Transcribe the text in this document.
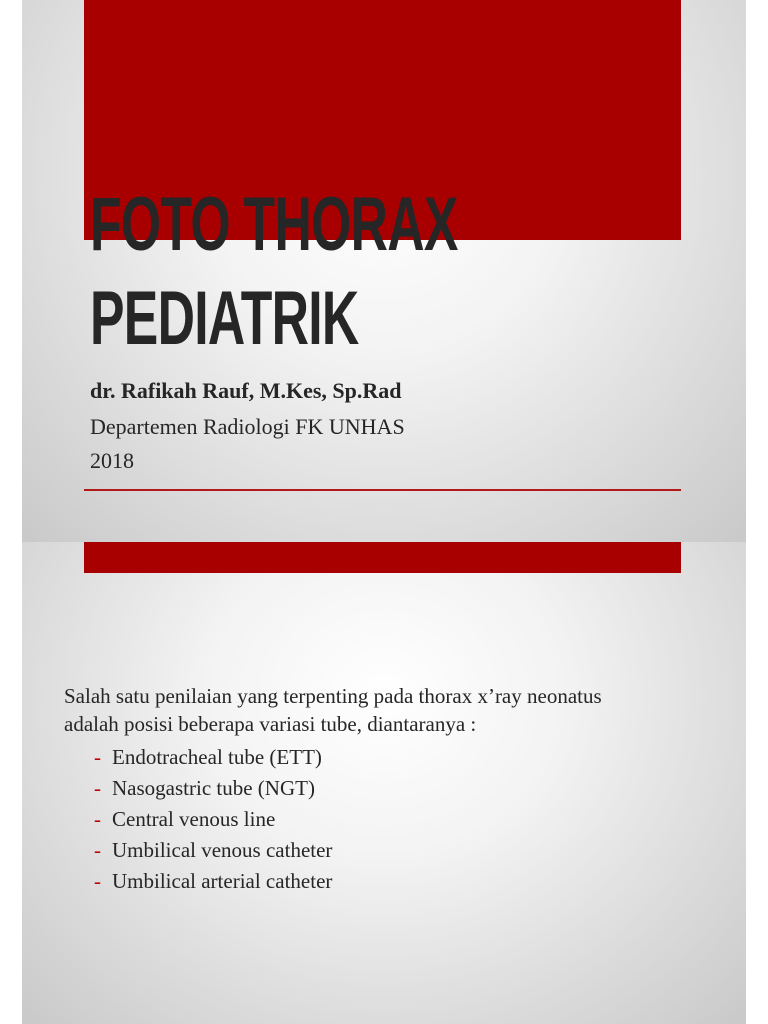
FOTO THORAX
PEDIATRIK
dr. Rafikah Rauf, M.Kes, Sp.Rad
Departemen Radiologi FK UNHAS
2018
Salah satu penilaian yang terpenting pada thorax x’ray neonatus
adalah posisi beberapa variasi tube, diantaranya :
- Endotracheal tube (ETT)
- Nasogastric tube (NGT)
- Central venous line
- Umbilical venous catheter
- Umbilical arterial catheter
